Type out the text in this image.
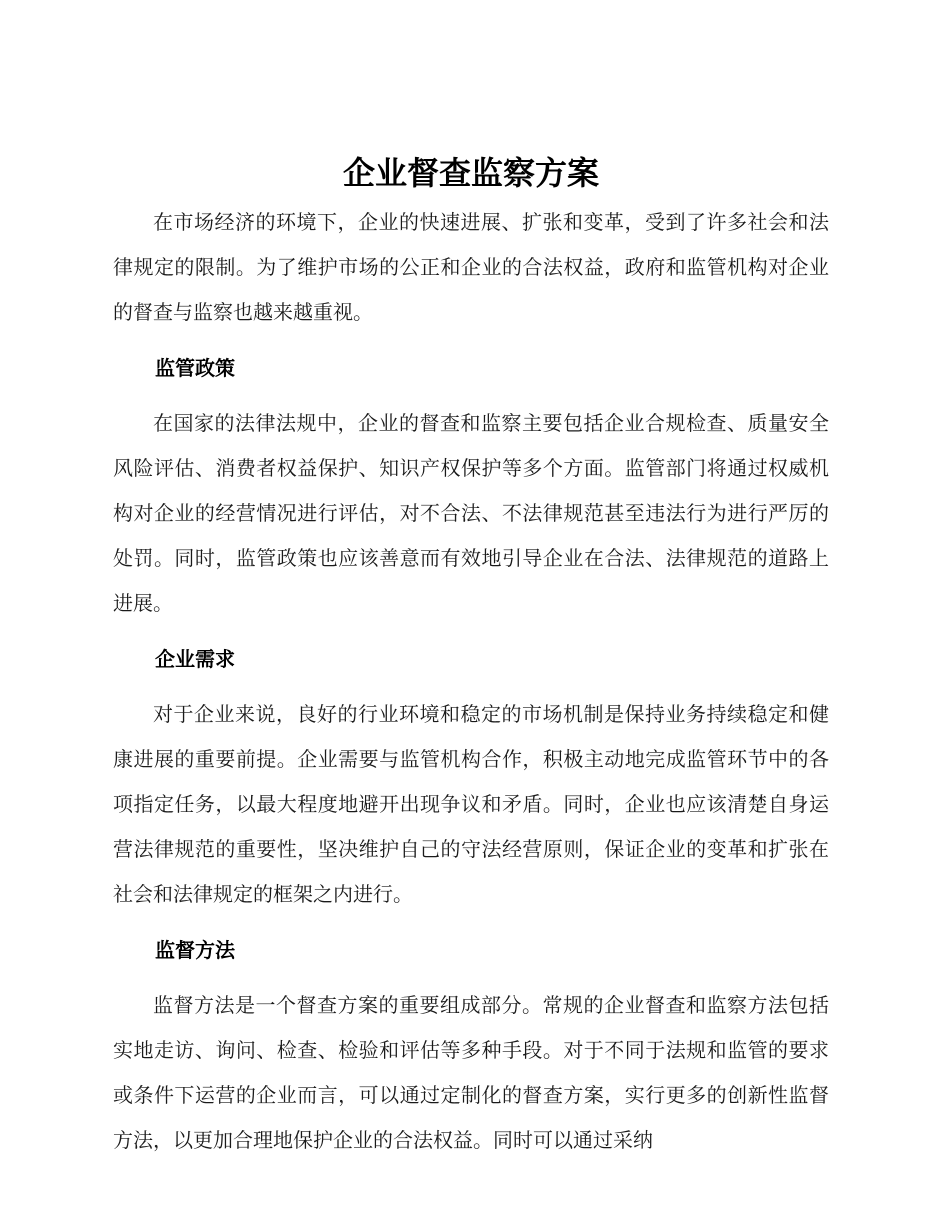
企业督查监察方案

在市场经济的环境下，企业的快速进展、扩张和变革，受到了许多社会和法律规定的限制。为了维护市场的公正和企业的合法权益，政府和监管机构对企业的督查与监察也越来越重视。

监管政策

在国家的法律法规中，企业的督查和监察主要包括企业合规检查、质量安全风险评估、消费者权益保护、知识产权保护等多个方面。监管部门将通过权威机构对企业的经营情况进行评估，对不合法、不法律规范甚至违法行为进行严厉的处罚。同时，监管政策也应该善意而有效地引导企业在合法、法律规范的道路上进展。

企业需求

对于企业来说，良好的行业环境和稳定的市场机制是保持业务持续稳定和健康进展的重要前提。企业需要与监管机构合作，积极主动地完成监管环节中的各项指定任务，以最大程度地避开出现争议和矛盾。同时，企业也应该清楚自身运营法律规范的重要性，坚决维护自己的守法经营原则，保证企业的变革和扩张在社会和法律规定的框架之内进行。

监督方法

监督方法是一个督查方案的重要组成部分。常规的企业督查和监察方法包括实地走访、询问、检查、检验和评估等多种手段。对于不同于法规和监管的要求或条件下运营的企业而言，可以通过定制化的督查方案，实行更多的创新性监督方法，以更加合理地保护企业的合法权益。同时可以通过采纳
